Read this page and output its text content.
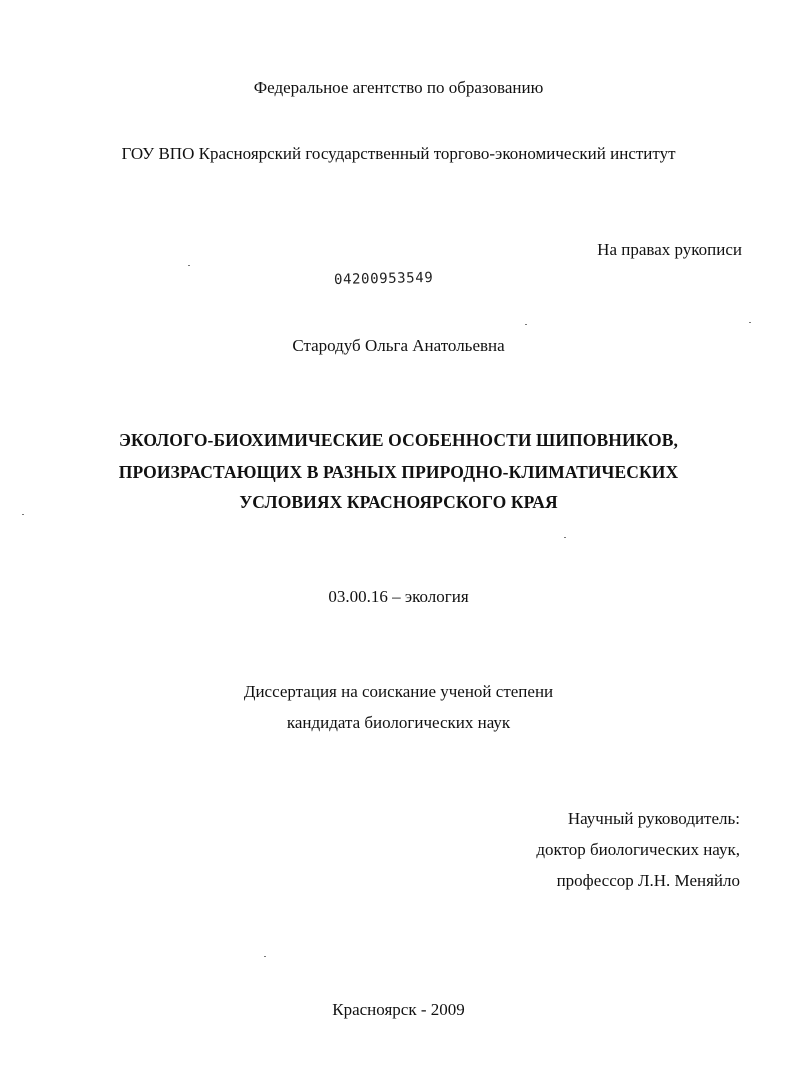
Федеральное агентство по образованию
ГОУ ВПО Красноярский государственный торгово-экономический институт
На правах рукописи
04200953549
Стародуб Ольга Анатольевна
ЭКОЛОГО-БИОХИМИЧЕСКИЕ ОСОБЕННОСТИ ШИПОВНИКОВ,
ПРОИЗРАСТАЮЩИХ В РАЗНЫХ ПРИРОДНО-КЛИМАТИЧЕСКИХ
УСЛОВИЯХ КРАСНОЯРСКОГО КРАЯ
03.00.16 – экология
Диссертация на соискание ученой степени
кандидата биологических наук
Научный руководитель:
доктор биологических наук,
профессор Л.Н. Меняйло
Красноярск - 2009
